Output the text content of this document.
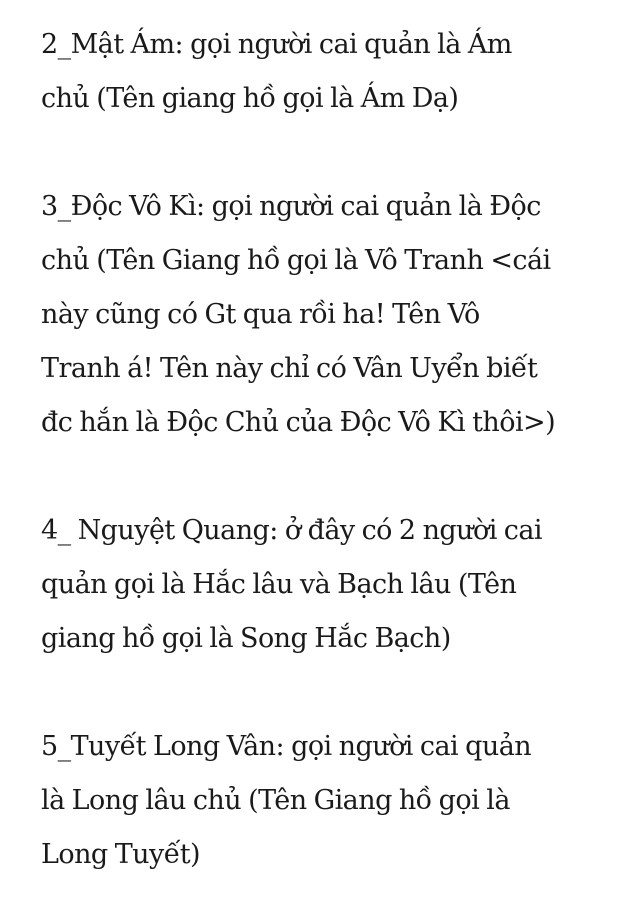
2_Mật Ám: gọi người cai quản là Ám
chủ (Tên giang hồ gọi là Ám Dạ)

3_Độc Vô Kì: gọi người cai quản là Độc
chủ (Tên Giang hồ gọi là Vô Tranh <cái
này cũng có Gt qua rồi ha! Tên Vô
Tranh á! Tên này chỉ có Vân Uyển biết
đc hắn là Độc Chủ của Độc Vô Kì thôi>)

4_ Nguyệt Quang: ở đây có 2 người cai
quản gọi là Hắc lâu và Bạch lâu (Tên
giang hồ gọi là Song Hắc Bạch)

5_Tuyết Long Vân: gọi người cai quản
là Long lâu chủ (Tên Giang hồ gọi là
Long Tuyết)
